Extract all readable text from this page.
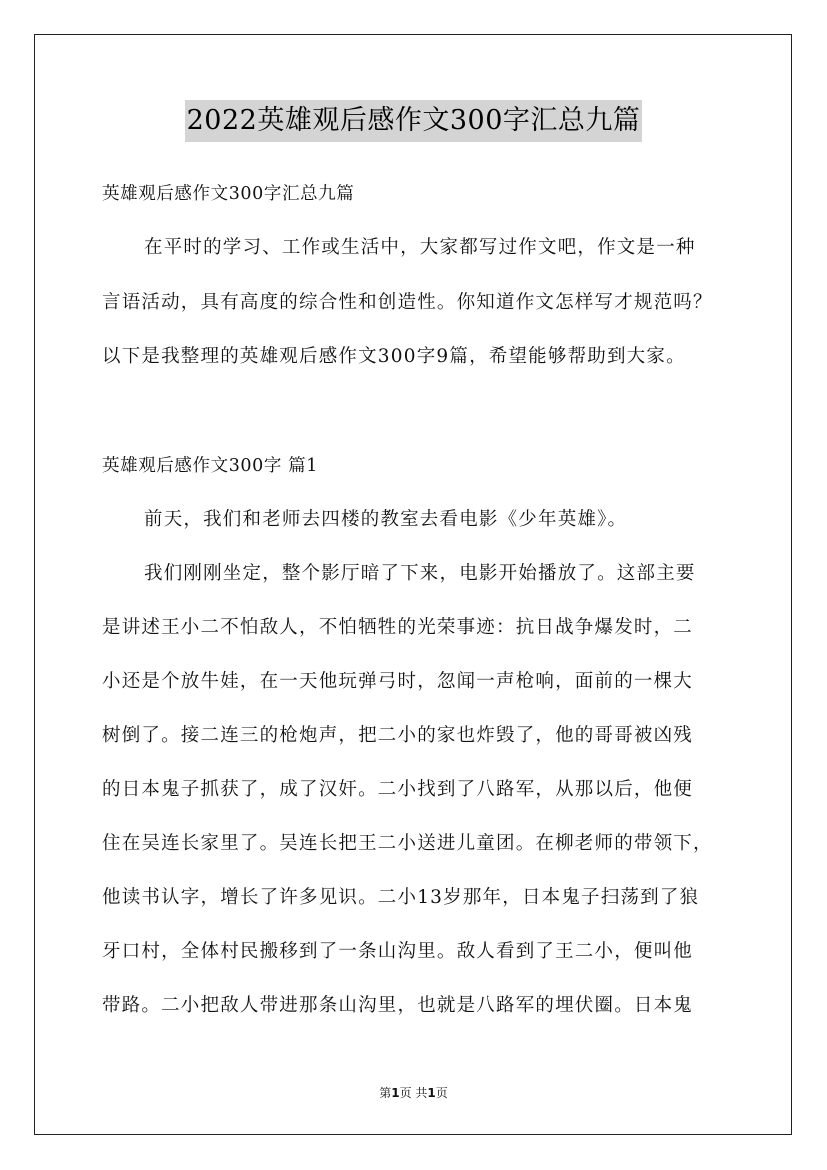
2022英雄观后感作文300字汇总九篇
英雄观后感作文300字汇总九篇
在平时的学习、工作或生活中，大家都写过作文吧，作文是一种
言语活动，具有高度的综合性和创造性。你知道作文怎样写才规范吗？
以下是我整理的英雄观后感作文300字9篇，希望能够帮助到大家。
英雄观后感作文300字 篇1
前天，我们和老师去四楼的教室去看电影《少年英雄》。
我们刚刚坐定，整个影厅暗了下来，电影开始播放了。这部主要
是讲述王小二不怕敌人，不怕牺牲的光荣事迹：抗日战争爆发时，二
小还是个放牛娃，在一天他玩弹弓时，忽闻一声枪响，面前的一棵大
树倒了。接二连三的枪炮声，把二小的家也炸毁了，他的哥哥被凶残
的日本鬼子抓获了，成了汉奸。二小找到了八路军，从那以后，他便
住在吴连长家里了。吴连长把王二小送进儿童团。在柳老师的带领下，
他读书认字，增长了许多见识。二小13岁那年，日本鬼子扫荡到了狼
牙口村，全体村民搬移到了一条山沟里。敌人看到了王二小，便叫他
带路。二小把敌人带进那条山沟里，也就是八路军的埋伏圈。日本鬼
第1页 共1页
